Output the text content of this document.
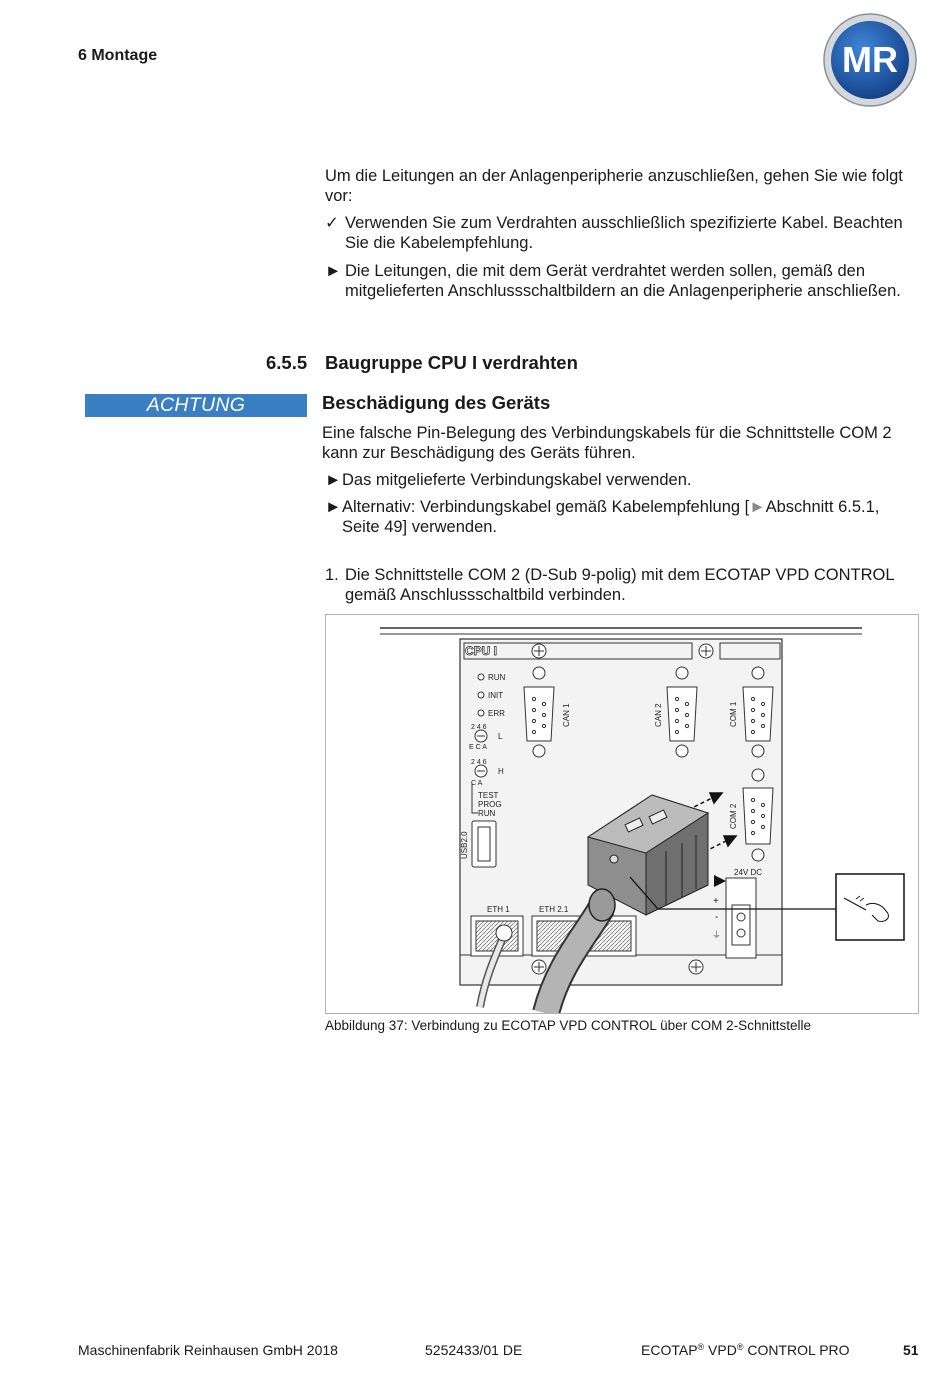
6 Montage	MR
Um die Leitungen an der Anlagenperipherie anzuschließen, gehen Sie wie folgt vor:
✓ Verwenden Sie zum Verdrahten ausschließlich spezifizierte Kabel. Beachten Sie die Kabelempfehlung.
► Die Leitungen, die mit dem Gerät verdrahtet werden sollen, gemäß den mitgelieferten Anschlussschaltbildern an die Anlagenperipherie anschließen.
6.5.5 Baugruppe CPU I verdrahten
ACHTUNG	Beschädigung des Geräts
Eine falsche Pin-Belegung des Verbindungskabels für die Schnittstelle COM 2 kann zur Beschädigung des Geräts führen.
► Das mitgelieferte Verbindungskabel verwenden.
► Alternativ: Verbindungskabel gemäß Kabelempfehlung [►Abschnitt 6.5.1, Seite 49] verwenden.
1. Die Schnittstelle COM 2 (D-Sub 9-polig) mit dem ECOTAP VPD CONTROL gemäß Anschlussschaltbild verbinden.
CPU I
RUN
INIT
ERR
2 4 6
E C A
L
2 4 6
C A
H
TEST
PROG
RUN
USB2.0
CAN 1	CAN 2	COM 1
COM 2
24V DC
+
-
⏚
ETH 1	ETH 2.1
Abbildung 37: Verbindung zu ECOTAP VPD CONTROL über COM 2-Schnittstelle
Maschinenfabrik Reinhausen GmbH 2018	5252433/01 DE	ECOTAP® VPD® CONTROL PRO	51
